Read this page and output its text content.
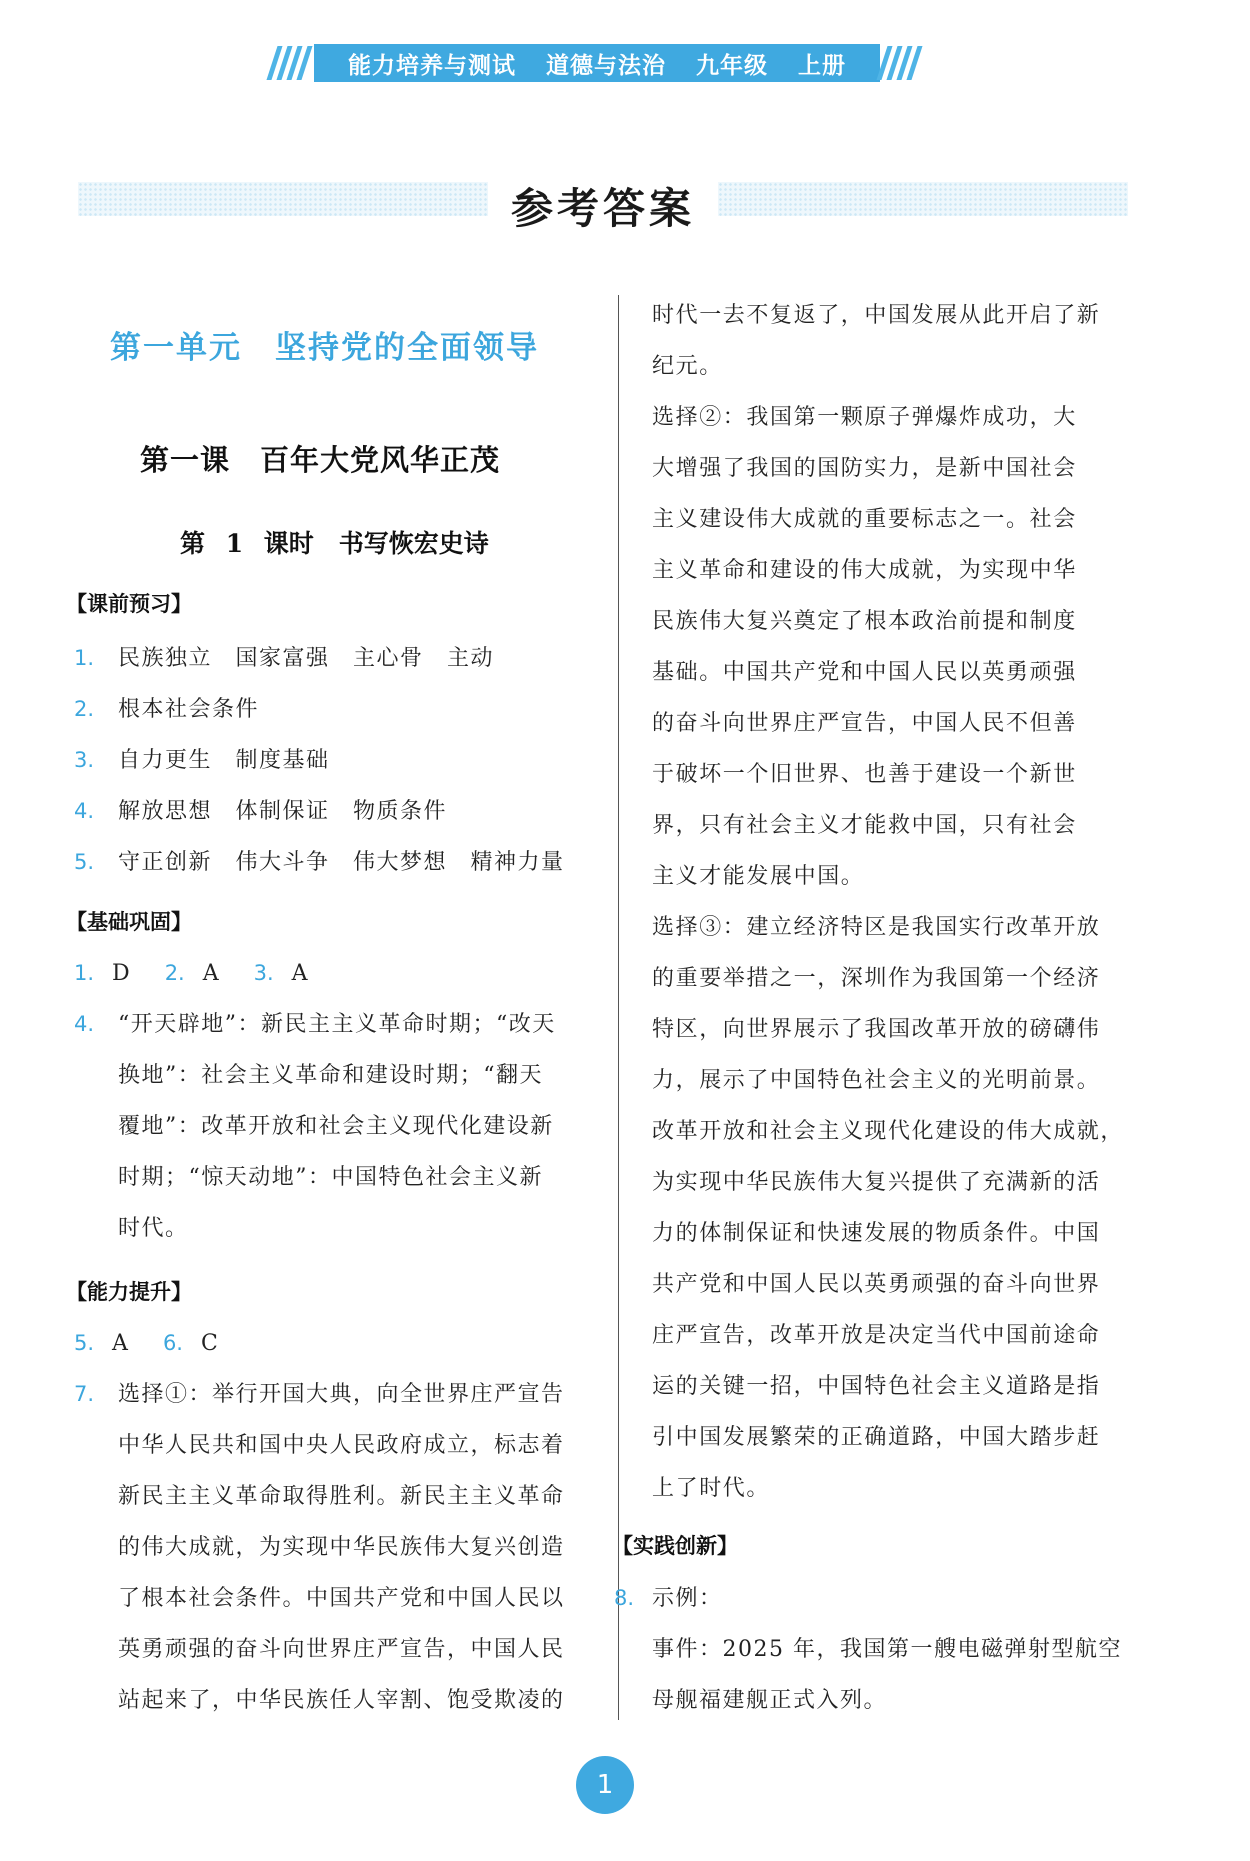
能力培养与测试 道德与法治 九年级 上册
参考答案
第一单元　坚持党的全面领导
第一课　百年大党风华正茂
第 1 课时　书写恢宏史诗
【课前预习】
1. 民族独立　国家富强　主心骨　主动
2. 根本社会条件
3. 自力更生　制度基础
4. 解放思想　体制保证　物质条件
5. 守正创新　伟大斗争　伟大梦想　精神力量
【基础巩固】
1. D 2. A 3. A
4. “开天辟地”：新民主主义革命时期；“改天
换地”：社会主义革命和建设时期；“翻天
覆地”：改革开放和社会主义现代化建设新
时期；“惊天动地”：中国特色社会主义新
时代。
【能力提升】
5. A 6. C
7. 选择①：举行开国大典，向全世界庄严宣告
中华人民共和国中央人民政府成立，标志着
新民主主义革命取得胜利。新民主主义革命
的伟大成就，为实现中华民族伟大复兴创造
了根本社会条件。中国共产党和中国人民以
英勇顽强的奋斗向世界庄严宣告，中国人民
站起来了，中华民族任人宰割、饱受欺凌的
时代一去不复返了，中国发展从此开启了新
纪元。
选择②：我国第一颗原子弹爆炸成功，大
大增强了我国的国防实力，是新中国社会
主义建设伟大成就的重要标志之一。社会
主义革命和建设的伟大成就，为实现中华
民族伟大复兴奠定了根本政治前提和制度
基础。中国共产党和中国人民以英勇顽强
的奋斗向世界庄严宣告，中国人民不但善
于破坏一个旧世界、也善于建设一个新世
界，只有社会主义才能救中国，只有社会
主义才能发展中国。
选择③：建立经济特区是我国实行改革开放
的重要举措之一，深圳作为我国第一个经济
特区，向世界展示了我国改革开放的磅礴伟
力，展示了中国特色社会主义的光明前景。
改革开放和社会主义现代化建设的伟大成就，
为实现中华民族伟大复兴提供了充满新的活
力的体制保证和快速发展的物质条件。中国
共产党和中国人民以英勇顽强的奋斗向世界
庄严宣告，改革开放是决定当代中国前途命
运的关键一招，中国特色社会主义道路是指
引中国发展繁荣的正确道路，中国大踏步赶
上了时代。
【实践创新】
8. 示例：
事件：2025 年，我国第一艘电磁弹射型航空
母舰福建舰正式入列。
1
